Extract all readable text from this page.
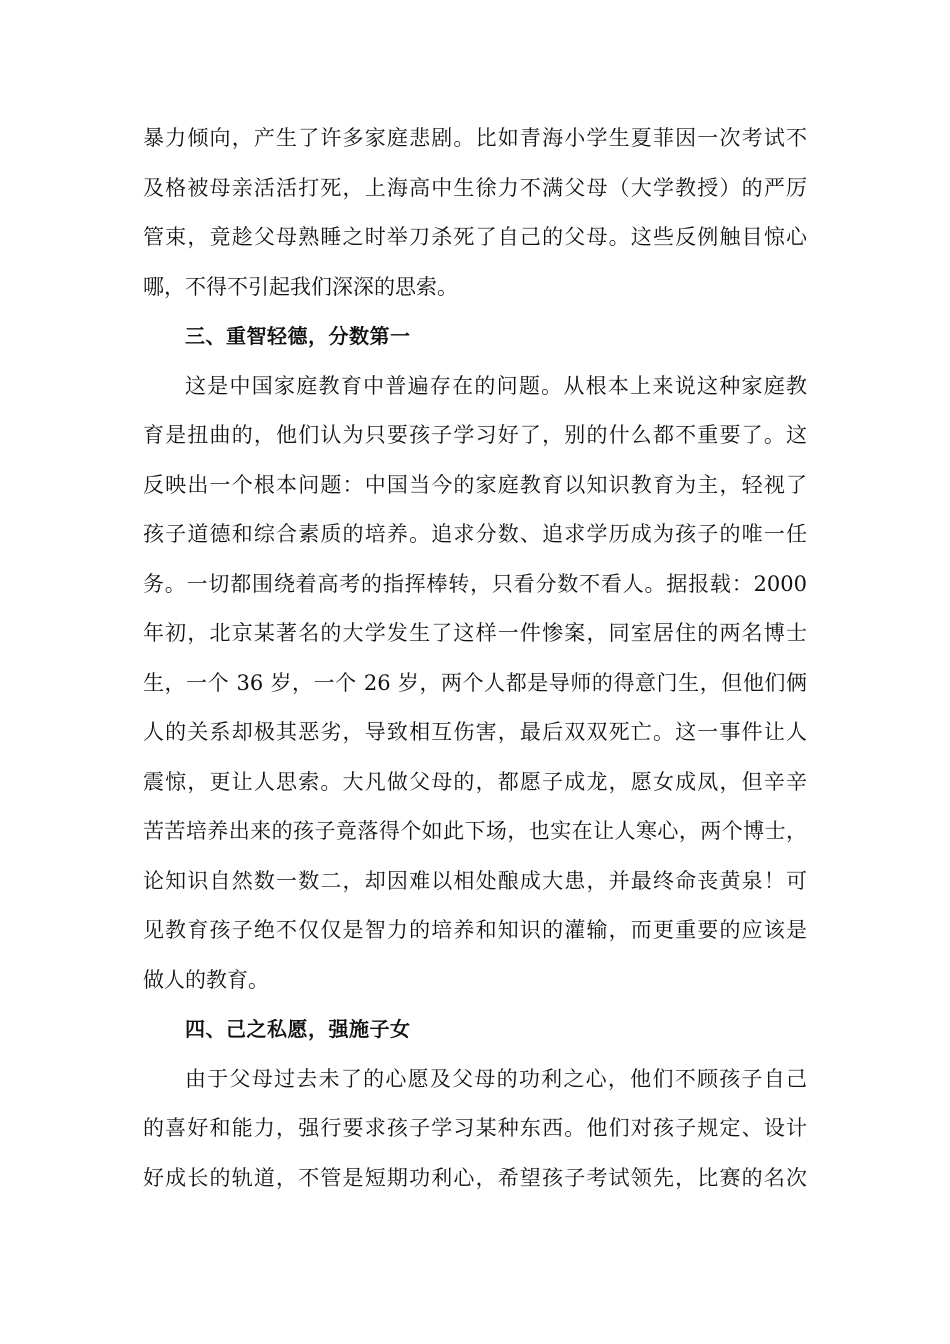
暴力倾向，产生了许多家庭悲剧。比如青海小学生夏菲因一次考试不
及格被母亲活活打死，上海高中生徐力不满父母（大学教授）的严厉
管束，竟趁父母熟睡之时举刀杀死了自己的父母。这些反例触目惊心
哪，不得不引起我们深深的思索。
三、重智轻德，分数第一
这是中国家庭教育中普遍存在的问题。从根本上来说这种家庭教
育是扭曲的，他们认为只要孩子学习好了，别的什么都不重要了。这
反映出一个根本问题：中国当今的家庭教育以知识教育为主，轻视了
孩子道德和综合素质的培养。追求分数、追求学历成为孩子的唯一任
务。一切都围绕着高考的指挥棒转，只看分数不看人。据报载：2000
年初，北京某著名的大学发生了这样一件惨案，同室居住的两名博士
生，一个 36 岁，一个 26 岁，两个人都是导师的得意门生，但他们俩
人的关系却极其恶劣，导致相互伤害，最后双双死亡。这一事件让人
震惊，更让人思索。大凡做父母的，都愿子成龙，愿女成凤，但辛辛
苦苦培养出来的孩子竟落得个如此下场，也实在让人寒心，两个博士，
论知识自然数一数二，却因难以相处酿成大患，并最终命丧黄泉！可
见教育孩子绝不仅仅是智力的培养和知识的灌输，而更重要的应该是
做人的教育。
四、己之私愿，强施子女
由于父母过去未了的心愿及父母的功利之心，他们不顾孩子自己
的喜好和能力，强行要求孩子学习某种东西。他们对孩子规定、设计
好成长的轨道，不管是短期功利心，希望孩子考试领先，比赛的名次
